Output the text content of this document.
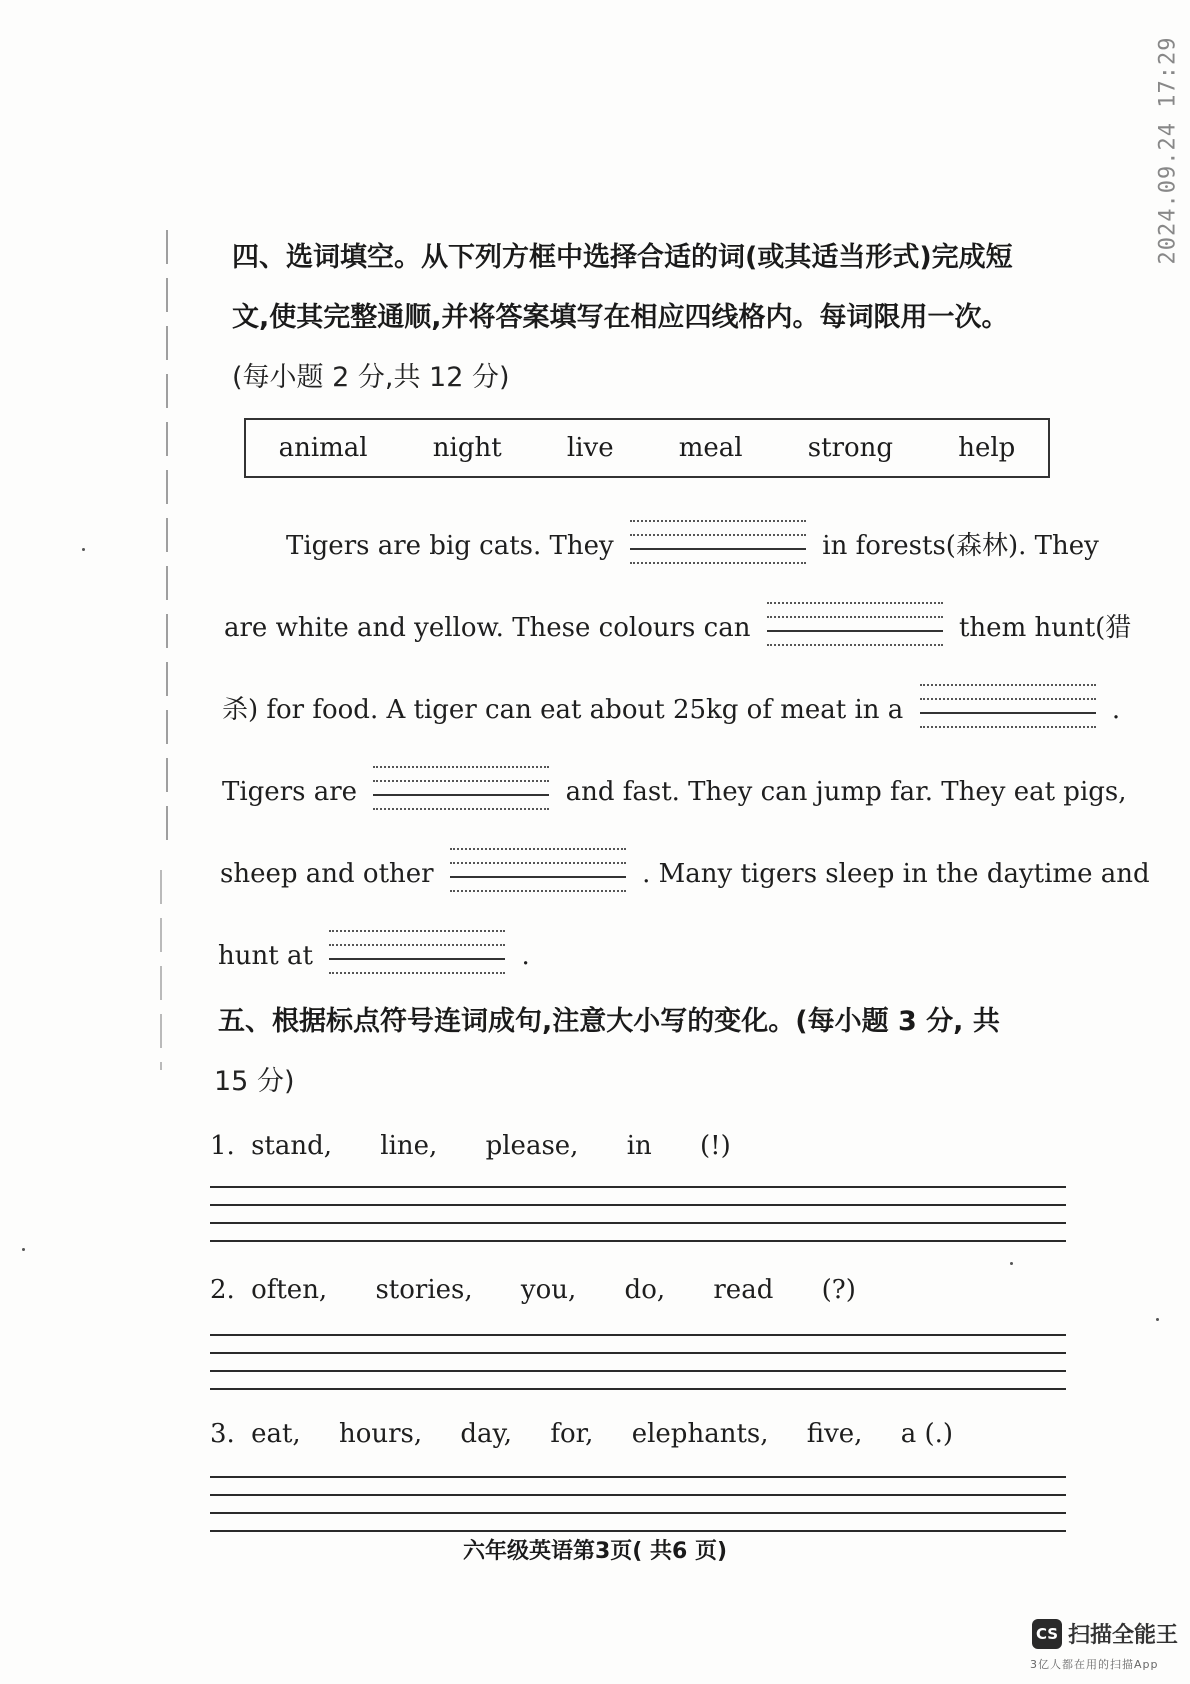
2024.09.24 17:29
四、选词填空。从下列方框中选择合适的词(或其适当形式)完成短
文,使其完整通顺,并将答案填写在相应四线格内。每词限用一次。
(每小题 2 分,共 12 分)
animal	night	live	meal	strong	help
Tigers are big cats. They	in forests(森林). They
are white and yellow. These colours can	them hunt(猎
杀) for food. A tiger can eat about 25kg of meat in a	.
Tigers are	and fast. They can jump far. They eat pigs,
sheep and other	. Many tigers sleep in the daytime and
hunt at	.
五、根据标点符号连词成句,注意大小写的变化。(每小题 3 分, 共
15 分)
1. stand, line, please, in (!)
2. often, stories, you, do, read (?)
3. eat, hours, day, for, elephants, five, a (.)
六年级英语第3页( 共6 页)
CS 扫描全能王
3亿人都在用的扫描App
